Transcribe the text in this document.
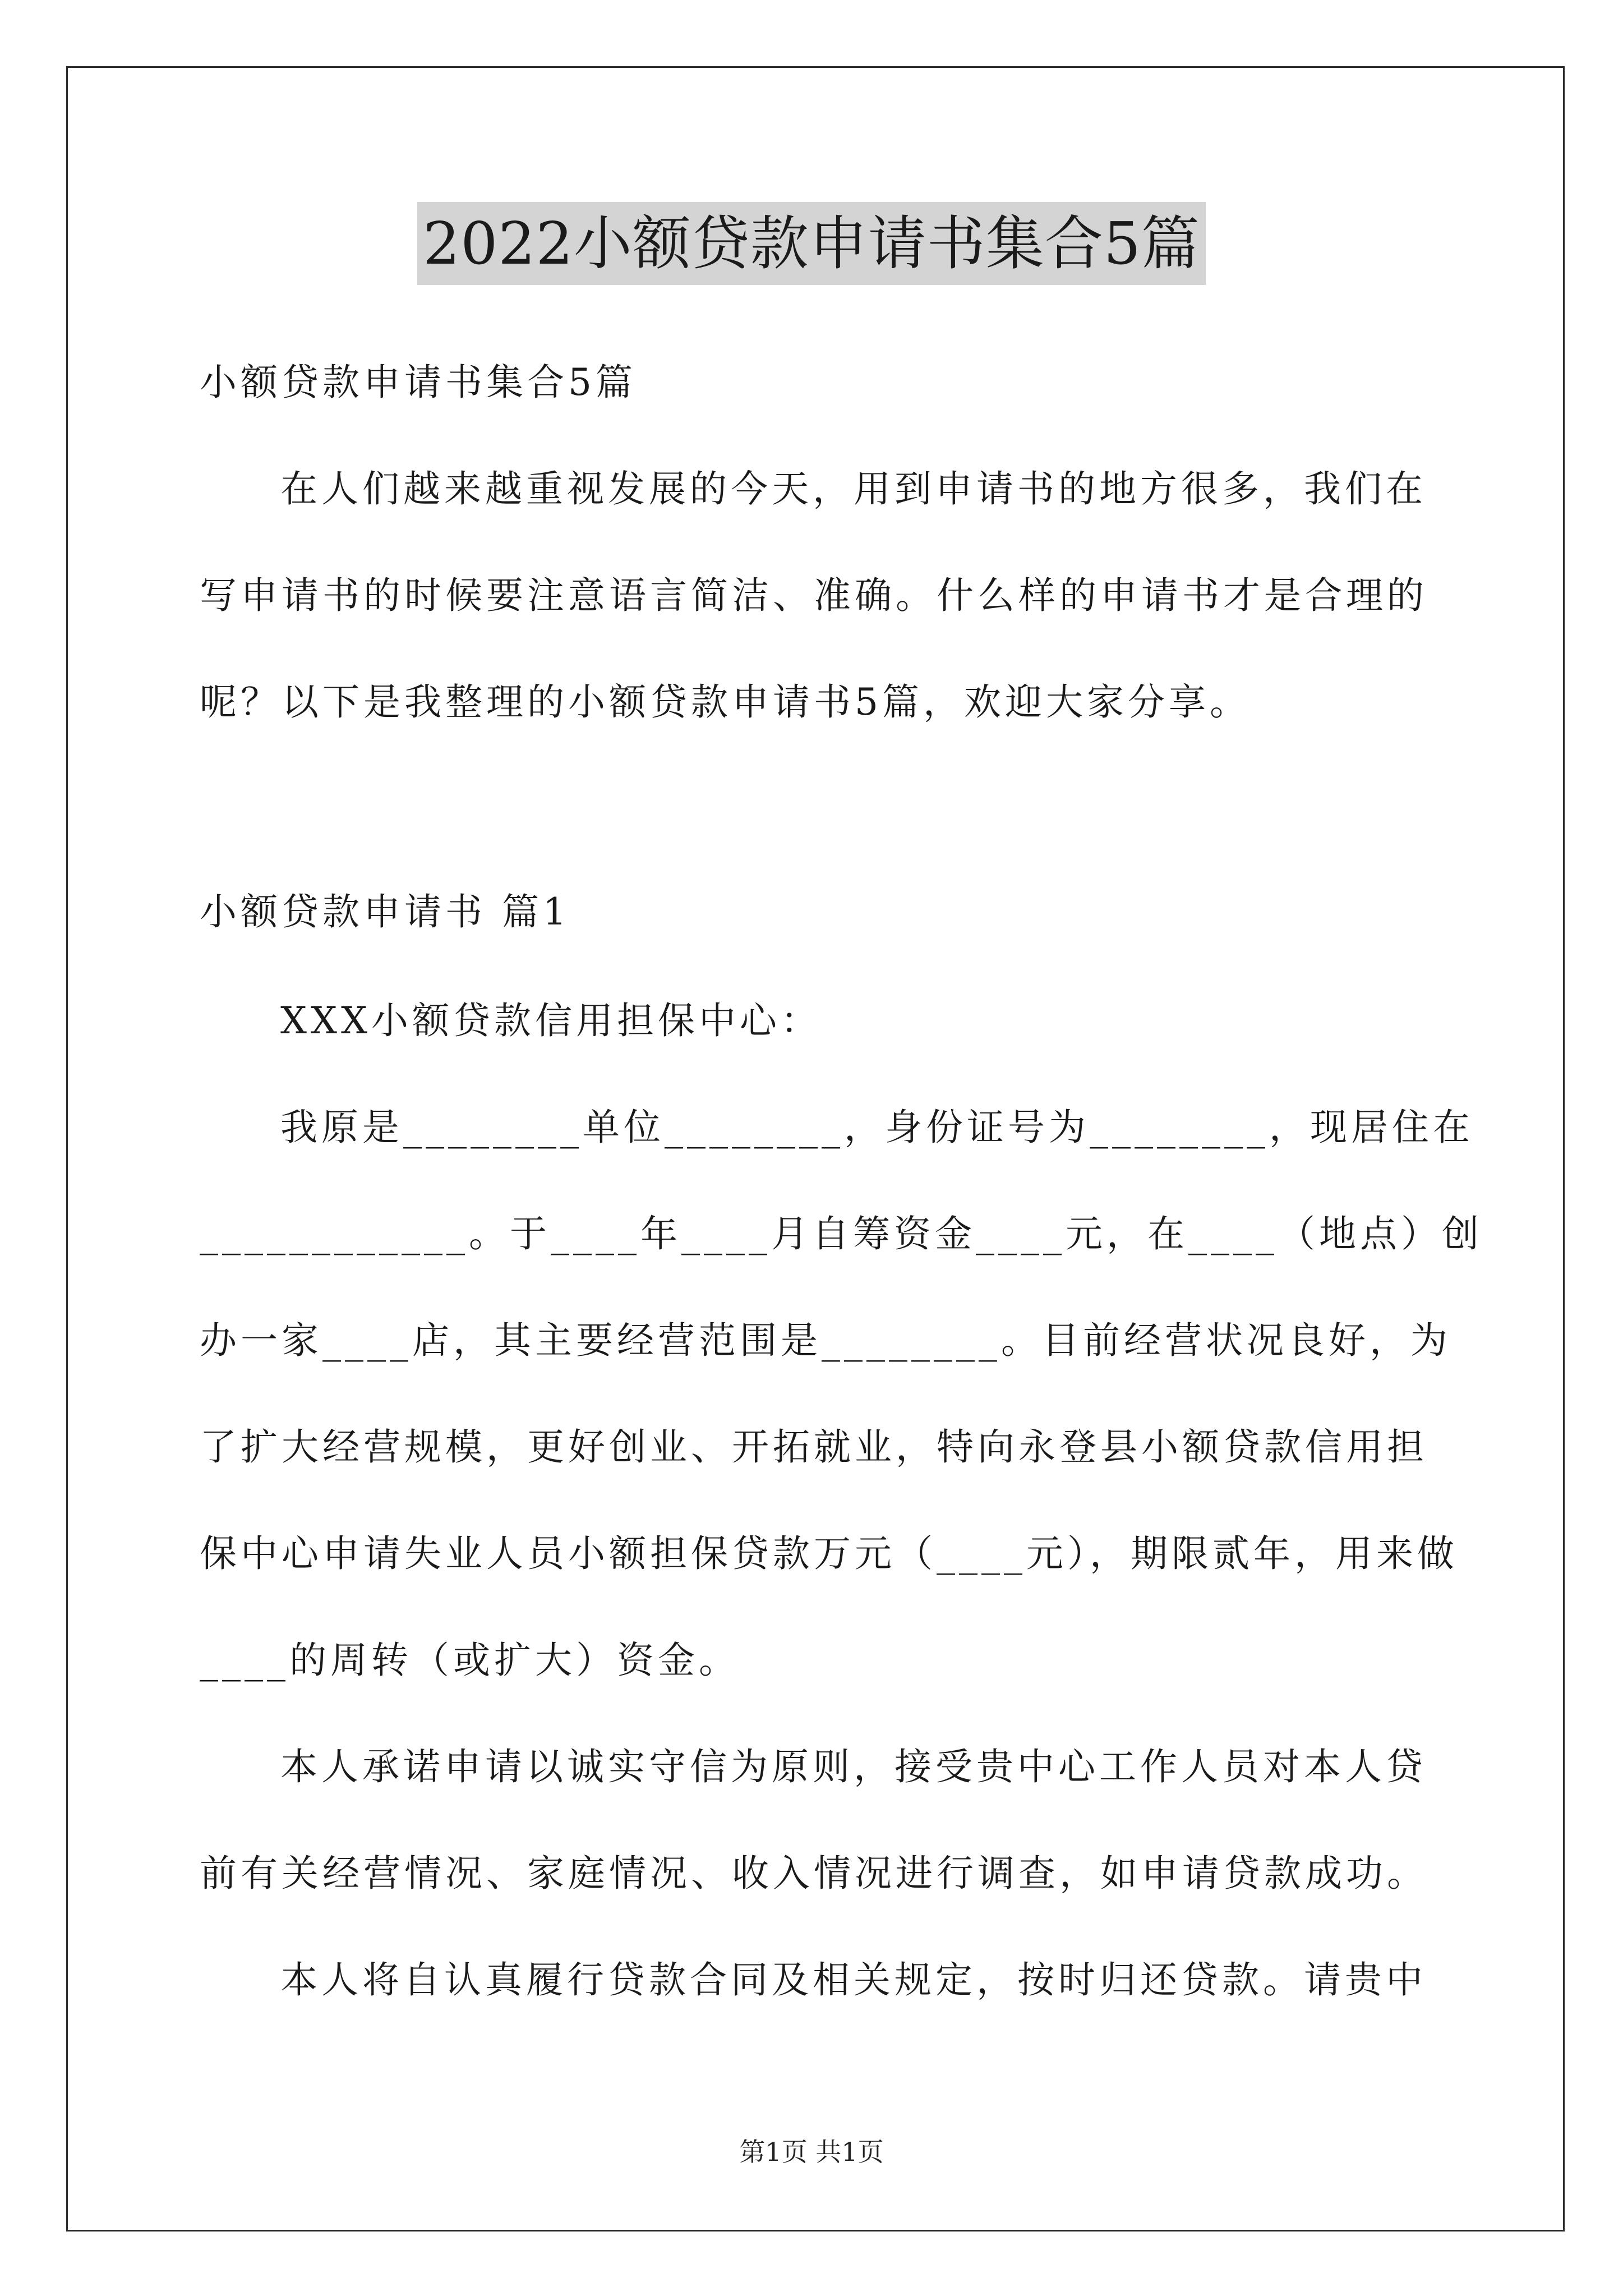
2022小额贷款申请书集合5篇
小额贷款申请书集合5篇
在人们越来越重视发展的今天，用到申请书的地方很多，我们在
写申请书的时候要注意语言简洁、准确。什么样的申请书才是合理的
呢？以下是我整理的小额贷款申请书5篇，欢迎大家分享。
小额贷款申请书 篇1
XXX小额贷款信用担保中心：
我原是________单位________，身份证号为________，现居住在
____________。于____年____月自筹资金____元，在____（地点）创
办一家____店，其主要经营范围是________。目前经营状况良好，为
了扩大经营规模，更好创业、开拓就业，特向永登县小额贷款信用担
保中心申请失业人员小额担保贷款万元（____元），期限贰年，用来做
____的周转（或扩大）资金。
本人承诺申请以诚实守信为原则，接受贵中心工作人员对本人贷
前有关经营情况、家庭情况、收入情况进行调查，如申请贷款成功。
本人将自认真履行贷款合同及相关规定，按时归还贷款。请贵中
第1页 共1页
